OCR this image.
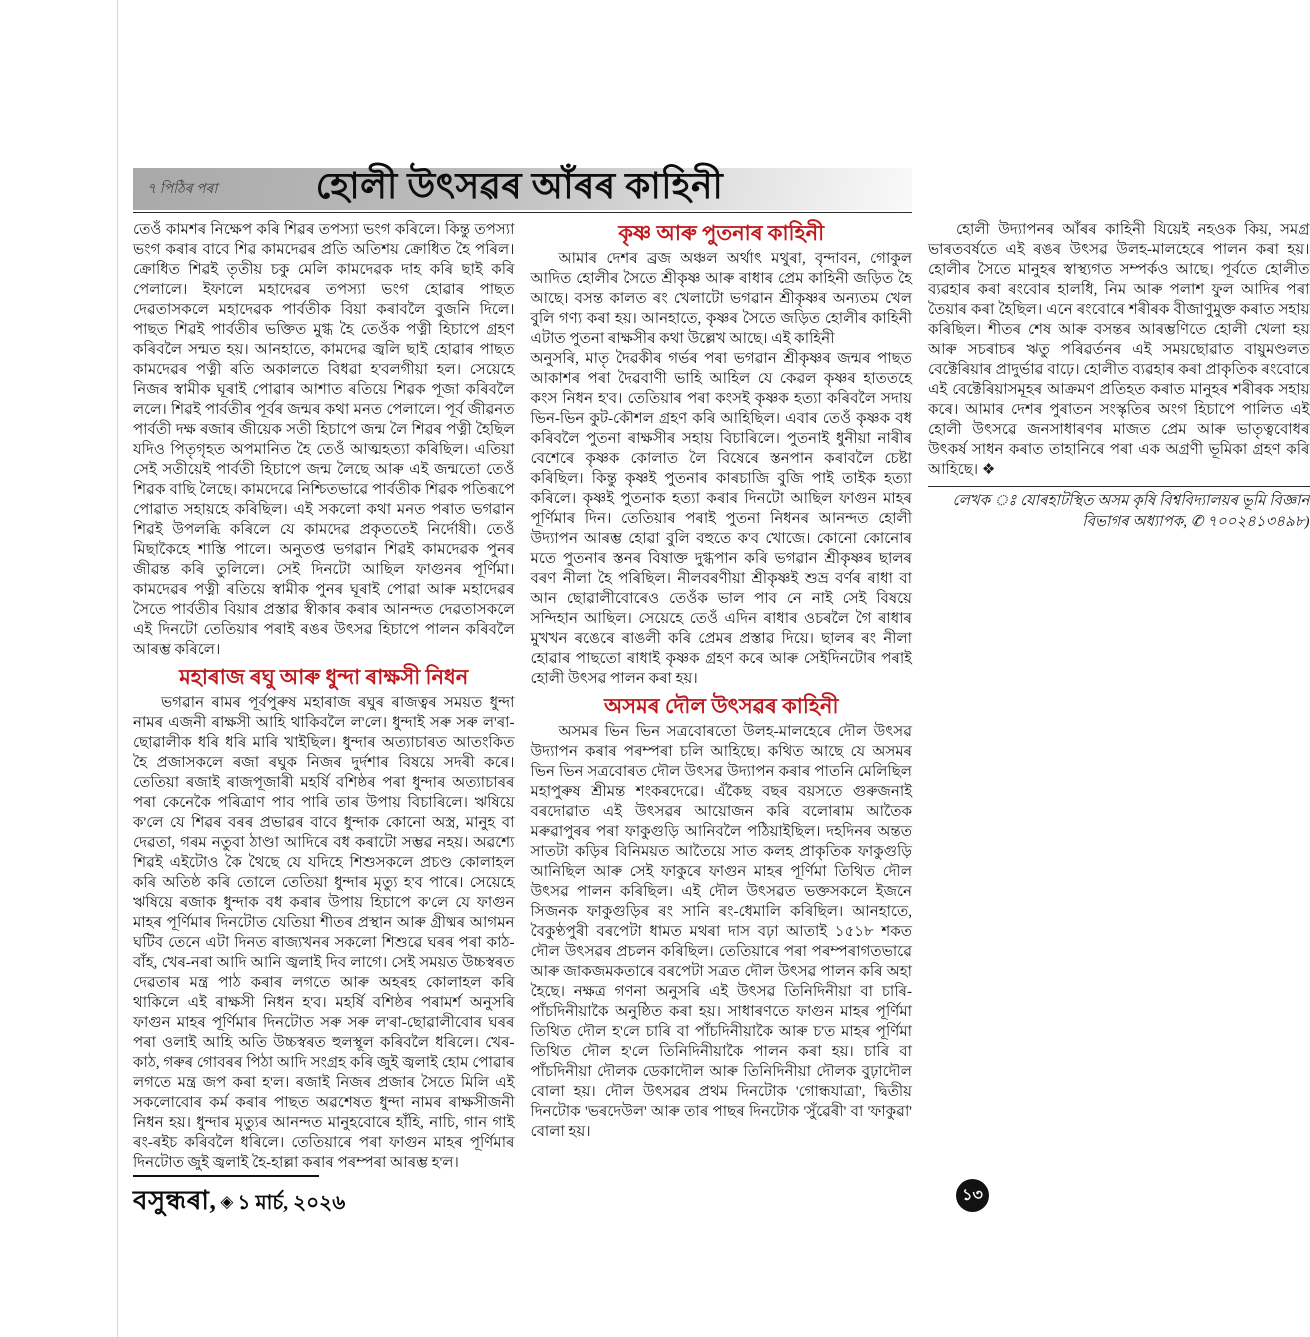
৭ পিঠিৰ পৰা	হোলী উৎসৱৰ আঁৰৰ কাহিনী

তেওঁ কামশৰ নিক্ষেপ কৰি শিৱৰ তপস্যা ভংগ কৰিলে। কিন্তু তপস্যা ভংগ কৰাৰ বাবে শিৱ কামদেৱৰ প্ৰতি অতিশয় ক্ৰোধিত হৈ পৰিল। ক্ৰোধিত শিৱই তৃতীয় চকু মেলি কামদেৱক দাহ কৰি ছাই কৰি পেলালে। ইফালে মহাদেৱৰ তপস্যা ভংগ হোৱাৰ পাছত দেৱতাসকলে মহাদেৱক পাৰ্বতীক বিয়া কৰাবলৈ বুজনি দিলে। পাছত শিৱই পাৰ্বতীৰ ভক্তিত মুগ্ধ হৈ তেওঁক পত্নী হিচাপে গ্ৰহণ কৰিবলৈ সন্মত হয়। আনহাতে, কামদেৱ জ্বলি ছাই হোৱাৰ পাছত কামদেৱৰ পত্নী ৰতি অকালতে বিধৱা হ'বলগীয়া হল। সেয়েহে নিজৰ স্বামীক ঘূৰাই পোৱাৰ আশাত ৰতিয়ে শিৱক পূজা কৰিবলৈ ললে। শিৱই পাৰ্বতীৰ পূৰ্বৰ জন্মৰ কথা মনত পেলালে। পূৰ্ব জীৱনত পাৰ্বতী দক্ষ ৰজাৰ জীয়েক সতী হিচাপে জন্ম লৈ শিৱৰ পত্নী হৈছিল যদিও পিতৃগৃহত অপমানিত হৈ তেওঁ আত্মহত্যা কৰিছিল। এতিয়া সেই সতীয়েই পাৰ্বতী হিচাপে জন্ম লৈছে আৰু এই জন্মতো তেওঁ শিৱক বাছি লৈছে। কামদেৱে নিশ্চিতভাৱে পাৰ্বতীক শিৱক পতিৰূপে পোৱাত সহায়হে কৰিছিল। এই সকলো কথা মনত পৰাত ভগৱান শিৱই উপলব্ধি কৰিলে যে কামদেৱ প্ৰকৃততেই নিৰ্দোষী। তেওঁ মিছাকৈহে শাস্তি পালে। অনুতপ্ত ভগৱান শিৱই কামদেৱক পুনৰ জীৱন্ত কৰি তুলিলে। সেই দিনটো আছিল ফাগুনৰ পূৰ্ণিমা। কামদেৱৰ পত্নী ৰতিয়ে স্বামীক পুনৰ ঘূৰাই পোৱা আৰু মহাদেৱৰ সৈতে পাৰ্বতীৰ বিয়াৰ প্ৰস্তাৱ স্বীকাৰ কৰাৰ আনন্দত দেৱতাসকলে এই দিনটো তেতিয়াৰ পৰাই ৰঙৰ উৎসৱ হিচাপে পালন কৰিবলৈ আৰম্ভ কৰিলে।

মহাৰাজ ৰঘু আৰু ধুন্দা ৰাক্ষসী নিধন

ভগৱান ৰামৰ পূৰ্বপুৰুষ মহাৰাজ ৰঘুৰ ৰাজত্বৰ সময়ত ধুন্দা নামৰ এজনী ৰাক্ষসী আহি থাকিবলৈ ল'লে। ধুন্দাই সৰু সৰু ল'ৰা-ছোৱালীক ধৰি ধৰি মাৰি খাইছিল। ধুন্দাৰ অত্যাচাৰত আতংকিত হৈ প্ৰজাসকলে ৰজা ৰঘুক নিজৰ দুৰ্দশাৰ বিষয়ে সদৰী কৰে। তেতিয়া ৰজাই ৰাজপূজাৰী মহৰ্ষি বশিষ্ঠৰ পৰা ধুন্দাৰ অত্যাচাৰৰ পৰা কেনেকৈ পৰিত্ৰাণ পাব পাৰি তাৰ উপায় বিচাৰিলে। ঋষিয়ে ক'লে যে শিৱৰ বৰৰ প্ৰভাৱৰ বাবে ধুন্দাক কোনো অস্ত্ৰ, মানুহ বা দেৱতা, গৰম নতুবা ঠাণ্ডা আদিৰে বধ কৰাটো সম্ভৱ নহয়। অৱশ্যে শিৱই এইটোও কৈ থৈছে যে যদিহে শিশুসকলে প্ৰচণ্ড কোলাহল কৰি অতিষ্ঠ কৰি তোলে তেতিয়া ধুন্দাৰ মৃত্যু হ'ব পাৰে। সেয়েহে ঋষিয়ে ৰজাক ধুন্দাক বধ কৰাৰ উপায় হিচাপে ক'লে যে ফাগুন মাহৰ পূৰ্ণিমাৰ দিনটোত যেতিয়া শীতৰ প্ৰস্থান আৰু গ্ৰীষ্মৰ আগমন ঘটিব তেনে এটা দিনত ৰাজ্যখনৰ সকলো শিশুৱে ঘৰৰ পৰা কাঠ-বাঁহ, খেৰ-নৰা আদি আনি জ্বলাই দিব লাগে। সেই সময়ত উচ্চস্বৰত দেৱতাৰ মন্ত্ৰ পাঠ কৰাৰ লগতে আৰু অহৰহ কোলাহল কৰি থাকিলে এই ৰাক্ষসী নিধন হ'ব। মহৰ্ষি বশিষ্ঠৰ পৰামৰ্শ অনুসৰি ফাগুন মাহৰ পূৰ্ণিমাৰ দিনটোত সৰু সৰু ল'ৰা-ছোৱালীবোৰ ঘৰৰ পৰা ওলাই আহি অতি উচ্চস্বৰত হুলস্থূল কৰিবলৈ ধৰিলে। খেৰ-কাঠ, গৰুৰ গোবৰৰ পিঠা আদি সংগ্ৰহ কৰি জুই জ্বলাই হোম পোৱাৰ লগতে মন্ত্ৰ জপ কৰা হ'ল। ৰজাই নিজৰ প্ৰজাৰ সৈতে মিলি এই সকলোবোৰ কৰ্ম কৰাৰ পাছত অৱশেষত ধুন্দা নামৰ ৰাক্ষসীজনী নিধন হয়। ধুন্দাৰ মৃত্যুৰ আনন্দত মানুহবোৰে হাঁহি, নাচি, গান গাই ৰং-ৰইচ কৰিবলৈ ধৰিলে। তেতিয়াৰে পৰা ফাগুন মাহৰ পূৰ্ণিমাৰ দিনটোত জুই জ্বলাই হৈ-হাল্লা কৰাৰ পৰম্পৰা আৰম্ভ হ'ল।

কৃষ্ণ আৰু পুতনাৰ কাহিনী

আমাৰ দেশৰ ব্ৰজ অঞ্চল অৰ্থাৎ মথুৰা, বৃন্দাবন, গোকুল আদিত হোলীৰ সৈতে শ্ৰীকৃষ্ণ আৰু ৰাধাৰ প্ৰেম কাহিনী জড়িত হৈ আছে। বসন্ত কালত ৰং খেলাটো ভগৱান শ্ৰীকৃষ্ণৰ অন্যতম খেল বুলি গণ্য কৰা হয়। আনহাতে, কৃষ্ণৰ সৈতে জড়িত হোলীৰ কাহিনী এটাত পুতনা ৰাক্ষসীৰ কথা উল্লেখ আছে। এই কাহিনী

অনুসৰি, মাতৃ দৈৱকীৰ গৰ্ভৰ পৰা ভগৱান শ্ৰীকৃষ্ণৰ জন্মৰ পাছত আকাশৰ পৰা দৈৱবাণী ভাহি আহিল যে কেৱল কৃষ্ণৰ হাততহে কংস নিধন হ'ব। তেতিয়াৰ পৰা কংসই কৃষ্ণক হত্যা কৰিবলৈ সদায় ভিন-ভিন কুট-কৌশল গ্ৰহণ কৰি আহিছিল। এবাৰ তেওঁ কৃষ্ণক বধ কৰিবলৈ পুতনা ৰাক্ষসীৰ সহায় বিচাৰিলে। পুতনাই ধুনীয়া নাৰীৰ বেশেৰে কৃষ্ণক কোলাত লৈ বিষেৰে স্তনপান কৰাবলৈ চেষ্টা কৰিছিল। কিন্তু কৃষ্ণই পুতনাৰ কাৰচাজি বুজি পাই তাইক হত্যা কৰিলে। কৃষ্ণই পুতনাক হত্যা কৰাৰ দিনটো আছিল ফাগুন মাহৰ পূৰ্ণিমাৰ দিন। তেতিয়াৰ পৰাই পুতনা নিধনৰ আনন্দত হোলী উদ্যাপন আৰম্ভ হোৱা বুলি বহুতে ক'ব খোজে। কোনো কোনোৰ মতে পুতনাৰ স্তনৰ বিষাক্ত দুগ্ধপান কৰি ভগৱান শ্ৰীকৃষ্ণৰ ছালৰ বৰণ নীলা হৈ পৰিছিল। নীলবৰণীয়া শ্ৰীকৃষ্ণই শুভ্ৰ বৰ্ণৰ ৰাধা বা আন ছোৱালীবোৰেও তেওঁক ভাল পাব নে নাই সেই বিষয়ে সন্দিহান আছিল। সেয়েহে তেওঁ এদিন ৰাধাৰ ওচৰলৈ গৈ ৰাধাৰ মুখখন ৰঙেৰে ৰাঙলী কৰি প্ৰেমৰ প্ৰস্তাৱ দিয়ে। ছালৰ ৰং নীলা হোৱাৰ পাছতো ৰাধাই কৃষ্ণক গ্ৰহণ কৰে আৰু সেইদিনটোৰ পৰাই হোলী উৎসৱ পালন কৰা হয়।

অসমৰ দৌল উৎসৱৰ কাহিনী

অসমৰ ভিন ভিন সত্ৰবোৰতো উলহ-মালহেৰে দৌল উৎসৱ উদ্যাপন কৰাৰ পৰম্পৰা চলি আহিছে। কথিত আছে যে অসমৰ ভিন ভিন সত্ৰবোৰত দৌল উৎসৱ উদ্যাপন কৰাৰ পাতনি মেলিছিল মহাপুৰুষ শ্ৰীমন্ত শংকৰদেৱে। এঁকৈছ বছৰ বয়সতে গুৰুজনাই বৰদোৱাত এই উৎসৱৰ আয়োজন কৰি বলোৰাম আতৈক মৰুৱাপুৰৰ পৰা ফাকুগুড়ি আনিবলৈ পঠিয়াইছিল। দহদিনৰ অন্তত সাতটা কড়িৰ বিনিময়ত আতৈয়ে সাত কলহ প্ৰাকৃতিক ফাকুগুড়ি আনিছিল আৰু সেই ফাকুৰে ফাগুন মাহৰ পূৰ্ণিমা তিথিত দৌল উৎসৱ পালন কৰিছিল। এই দৌল উৎসৱত ভক্তসকলে ইজনে সিজনক ফাকুগুড়িৰ ৰং সানি ৰং-ধেমালি কৰিছিল। আনহাতে, বৈকুণ্ঠপুৰী বৰপেটা ধামত মথৰা দাস বঢ়া আতাই ১৫১৮ শকত দৌল উৎসৱৰ প্ৰচলন কৰিছিল। তেতিয়াৰে পৰা পৰম্পৰাগতভাৱে আৰু জাকজমকতাৰে বৰপেটা সত্ৰত দৌল উৎসৱ পালন কৰি অহা হৈছে। নক্ষত্ৰ গণনা অনুসৰি এই উৎসৱ তিনিদিনীয়া বা চাৰি-পাঁচদিনীয়াকৈ অনুষ্ঠিত কৰা হয়। সাধাৰণতে ফাগুন মাহৰ পূৰ্ণিমা তিথিত দৌল হ'লে চাৰি বা পাঁচদিনীয়াকৈ আৰু চ'ত মাহৰ পূৰ্ণিমা তিথিত দৌল হ'লে তিনিদিনীয়াকৈ পালন কৰা হয়। চাৰি বা পাঁচদিনীয়া দৌলক ডেকাদৌল আৰু তিনিদিনীয়া দৌলক বুঢ়াদৌল বোলা হয়। দৌল উৎসৱৰ প্ৰথম দিনটোক 'গোন্ধযাত্ৰা', দ্বিতীয় দিনটোক 'ভৰদেউল' আৰু তাৰ পাছৰ দিনটোক 'সুঁৱেৰী' বা 'ফাকুৱা' বোলা হয়।

হোলী উদ্যাপনৰ আঁৰৰ কাহিনী যিয়েই নহওক কিয়, সমগ্ৰ ভাৰতবৰ্ষতে এই ৰঙৰ উৎসৱ উলহ-মালহেৰে পালন কৰা হয়। হোলীৰ সৈতে মানুহৰ স্বাস্থ্যগত সম্পৰ্কও আছে। পূৰ্বতে হোলীত ব্যৱহাৰ কৰা ৰংবোৰ হালধি, নিম আৰু পলাশ ফুল আদিৰ পৰা তৈয়াৰ কৰা হৈছিল। এনে ৰংবোৰে শৰীৰক বীজাণুমুক্ত কৰাত সহায় কৰিছিল। শীতৰ শেষ আৰু বসন্তৰ আৰম্ভণিতে হোলী খেলা হয় আৰু সচৰাচৰ ঋতু পৰিৱৰ্তনৰ এই সময়ছোৱাত বায়ুমণ্ডলত বেক্টেৰিয়াৰ প্ৰাদুৰ্ভাৱ বাঢ়ে। হোলীত ব্যৱহাৰ কৰা প্ৰাকৃতিক ৰংবোৰে এই বেক্টেৰিয়াসমূহৰ আক্ৰমণ প্ৰতিহত কৰাত মানুহৰ শৰীৰক সহায় কৰে। আমাৰ দেশৰ পুৰাতন সংস্কৃতিৰ অংগ হিচাপে পালিত এই হোলী উৎসৱে জনসাধাৰণৰ মাজত প্ৰেম আৰু ভাতৃত্ববোধৰ উৎকৰ্ষ সাধন কৰাত তাহানিৰে পৰা এক অগ্ৰণী ভূমিকা গ্ৰহণ কৰি আহিছে। ❖

লেখক ঃ যোৰহাটস্থিত অসম কৃষি বিশ্ববিদ্যালয়ৰ ভূমি বিজ্ঞান বিভাগৰ অধ্যাপক, ✆ ৭০০২৪১৩৪৯৮)

বসুন্ধৰা, ◈ ১ মাৰ্চ, ২০২৬	১৩
